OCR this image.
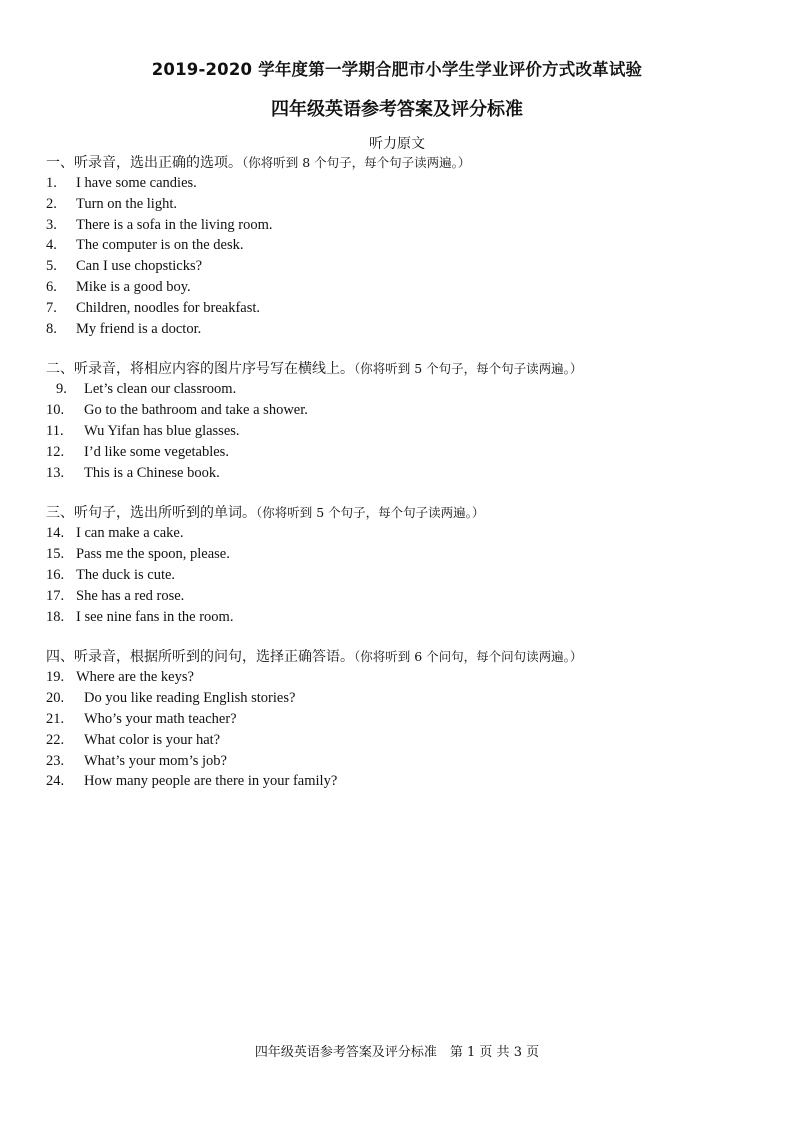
2019-2020 学年度第一学期合肥市小学生学业评价方式改革试验
四年级英语参考答案及评分标准
听力原文
一、听录音，选出正确的选项。（你将听到 8 个句子，每个句子读两遍。）
1.	I have some candies.
2.	Turn on the light.
3.	There is a sofa in the living room.
4.	The computer is on the desk.
5.	Can I use chopsticks?
6.	Mike is a good boy.
7.	Children, noodles for breakfast.
8.	My friend is a doctor.
二、听录音，将相应内容的图片序号写在横线上。（你将听到 5 个句子，每个句子读两遍。）
9.	Let’s clean our classroom.
10.	Go to the bathroom and take a shower.
11.	Wu Yifan has blue glasses.
12.	I’d like some vegetables.
13.	This is a Chinese book.
三、听句子，选出所听到的单词。（你将听到 5 个句子，每个句子读两遍。）
14. I can make a cake.
15. Pass me the spoon, please.
16. The duck is cute.
17. She has a red rose.
18. I see nine fans in the room.
四、听录音，根据所听到的问句，选择正确答语。（你将听到 6 个问句，每个问句读两遍。）
19. Where are the keys?
20.	Do you like reading English stories?
21.	Who’s your math teacher?
22.	What color is your hat?
23.	What’s your mom’s job?
24.	How many people are there in your family?
四年级英语参考答案及评分标准　第 1 页 共 3 页
